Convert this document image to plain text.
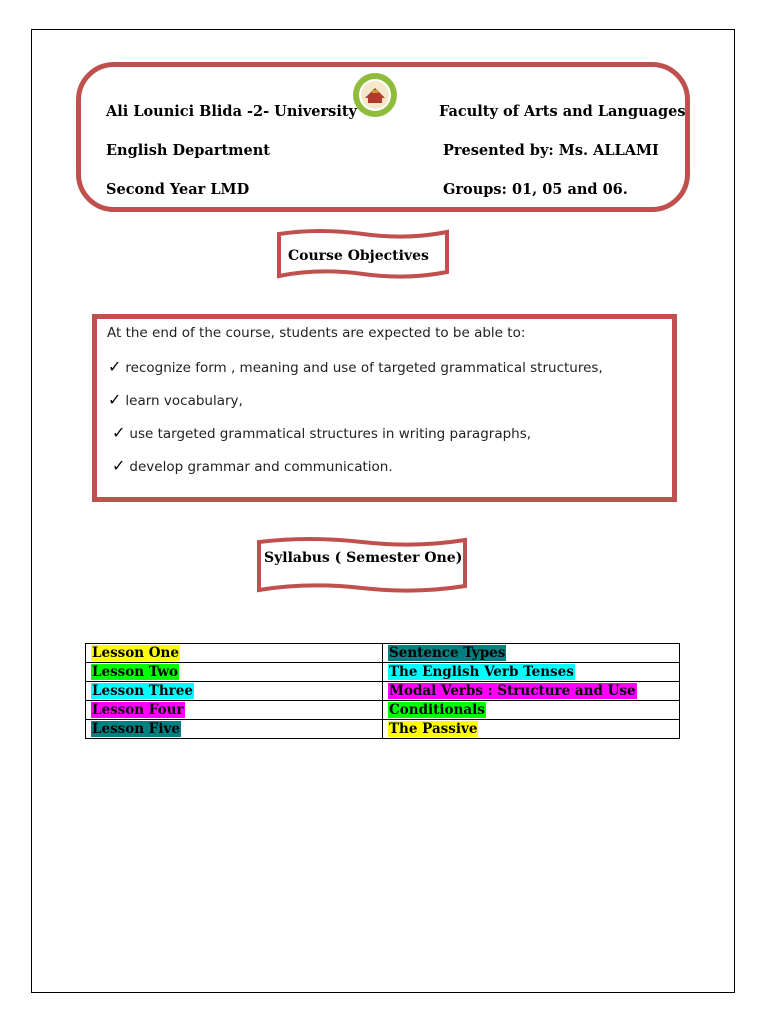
Ali Lounici Blida -2- University	Faculty of Arts and Languages
English Department	Presented by: Ms. ALLAMI
Second Year LMD	Groups: 01, 05 and 06.
Course Objectives
At the end of the course, students are expected to be able to:
✓ recognize form , meaning and use of targeted grammatical structures,
✓ learn vocabulary,
✓ use targeted grammatical structures in writing paragraphs,
✓ develop grammar and communication.
Syllabus ( Semester One)
Lesson One	Sentence Types
Lesson Two	The English Verb Tenses
Lesson Three	Modal Verbs : Structure and Use
Lesson Four	Conditionals
Lesson Five	The Passive
